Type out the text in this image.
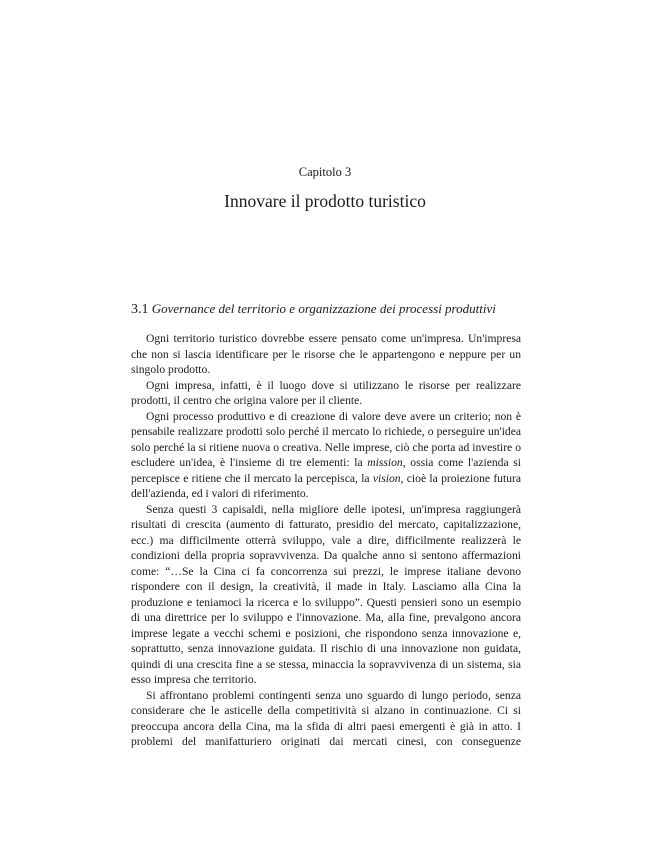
Capitolo 3
Innovare il prodotto turistico
3.1 Governance del territorio e organizzazione dei processi produttivi

Ogni territorio turistico dovrebbe essere pensato come un'impresa. Un'impresa che non si lascia identificare per le risorse che le appartengono e neppure per un singolo prodotto.

Ogni impresa, infatti, è il luogo dove si utilizzano le risorse per realizzare prodotti, il centro che origina valore per il cliente.

Ogni processo produttivo e di creazione di valore deve avere un criterio; non è pensabile realizzare prodotti solo perché il mercato lo richiede, o perseguire un'idea solo perché la si ritiene nuova o creativa. Nelle imprese, ciò che porta ad investire o escludere un'idea, è l'insieme di tre elementi: la mission, ossia come l'azienda si percepisce e ritiene che il mercato la percepisca, la vision, cioè la proiezione futura dell'azienda, ed i valori di riferimento.

Senza questi 3 capisaldi, nella migliore delle ipotesi, un'impresa raggiungerà risultati di crescita (aumento di fatturato, presidio del mercato, capitalizzazione, ecc.) ma difficilmente otterrà sviluppo, vale a dire, difficilmente realizzerà le condizioni della propria sopravvivenza. Da qualche anno si sentono affermazioni come: “…Se la Cina ci fa concorrenza sui prezzi, le imprese italiane devono rispondere con il design, la creatività, il made in Italy. Lasciamo alla Cina la produzione e teniamoci la ricerca e lo sviluppo”. Questi pensieri sono un esempio di una direttrice per lo sviluppo e l'innovazione. Ma, alla fine, prevalgono ancora imprese legate a vecchi schemi e posizioni, che rispondono senza innovazione e, soprattutto, senza innovazione guidata. Il rischio di una innovazione non guidata, quindi di una crescita fine a se stessa, minaccia la sopravvivenza di un sistema, sia esso impresa che territorio.

Si affrontano problemi contingenti senza uno sguardo di lungo periodo, senza considerare che le asticelle della competitività si alzano in continuazione. Ci si preoccupa ancora della Cina, ma la sfida di altri paesi emergenti è già in atto. I problemi del manifatturiero originati dai mercati cinesi, con conseguenze
